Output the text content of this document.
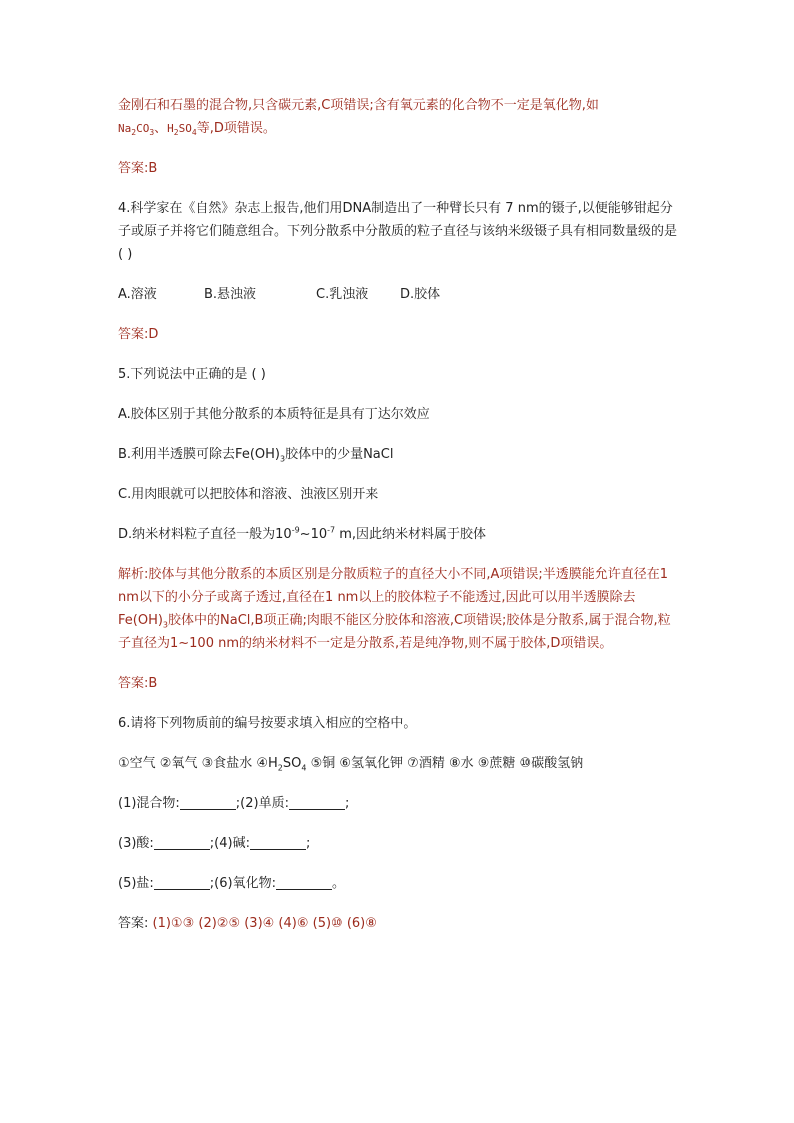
金刚石和石墨的混合物,只含碳元素,C项错误;含有氧元素的化合物不一定是氧化物,如
$Na_2CO_3$、$H_2SO_4$等,D项错误。

答案:B

4.科学家在《自然》杂志上报告,他们用DNA制造出了一种臂长只有 7 nm的镊子,以便能够钳起分子或原子并将它们随意组合。下列分散系中分散质的粒子直径与该纳米级镊子具有相同数量级的是( )

A.溶液	B.悬浊液	C.乳浊液 D.胶体

答案:D

5.下列说法中正确的是 ( )

A.胶体区别于其他分散系的本质特征是具有丁达尔效应

B.利用半透膜可除去$Fe(OH)_3$胶体中的少量NaCl

C.用肉眼就可以把胶体和溶液、浊液区别开来

D.纳米材料粒子直径一般为$10^{-9}\sim 10^{-7}$ m,因此纳米材料属于胶体

解析:胶体与其他分散系的本质区别是分散质粒子的直径大小不同,A项错误;半透膜能允许直径在1 nm以下的小分子或离子透过,直径在1 nm以上的胶体粒子不能透过,因此可以用半透膜除去$Fe(OH)_3$胶体中的NaCl,B项正确;肉眼不能区分胶体和溶液,C项错误;胶体是分散系,属于混合物,粒子直径为1~100 nm的纳米材料不一定是分散系,若是纯净物,则不属于胶体,D项错误。

答案:B

6.请将下列物质前的编号按要求填入相应的空格中。

①空气 ②氧气 ③食盐水 $④H_2SO_4$ ⑤铜 ⑥氢氧化钾 ⑦酒精 ⑧水 ⑨蔗糖 ⑩碳酸氢钠

(1)混合物:	;(2)单质:	;

(3)酸:	;(4)碱:	;

(5)盐:	;(6)氧化物:	。

答案: (1)①③ (2)②⑤ (3)④ (4)⑥ (5)⑩ (6)⑧
